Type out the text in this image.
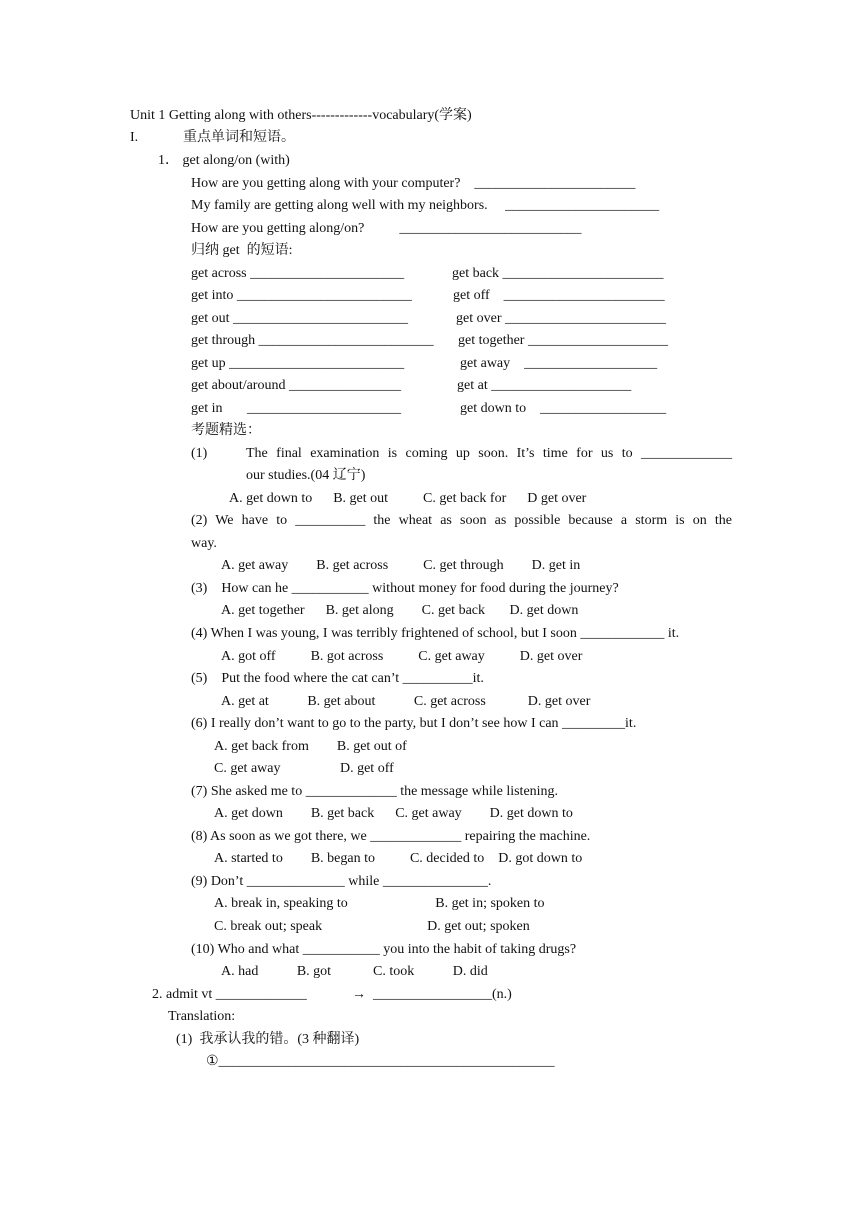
Unit 1 Getting along with others-------------vocabulary(学案)
I.	重点单词和短语。
1． get along/on (with)
How are you getting along with your computer?    _______________________
My family are getting along well with my neighbors.     ______________________
How are you getting along/on?          __________________________
归纳 get  的短语:
get across ______________________	get back _______________________
get into _________________________	get off    _______________________
get out _________________________	get over _______________________
get through _________________________ get together ____________________
get up _________________________	get away    ___________________
get about/around ________________	get at ____________________
get in       ______________________	get down to    __________________
考题精选：
(1)	The final examination is coming up soon. It’s time for us to _____________
our studies.(04 辽宁)
A. get down to      B. get out          C. get back for      D get over
(2) We have to __________ the wheat as soon as possible because a storm is on the
way.
A. get away        B. get across          C. get through        D. get in
(3)    How can he ___________ without money for food during the journey?
A. get together      B. get along        C. get back       D. get down
(4) When I was young, I was terribly frightened of school, but I soon ____________ it.
A. got off          B. got across          C. get away          D. get over
(5)    Put the food where the cat can’t __________it.
A. get at           B. get about           C. get across            D. get over
(6) I really don’t want to go to the party, but I don’t see how I can _________it.
A. get back from        B. get out of
C. get away                 D. get off
(7) She asked me to _____________ the message while listening.
A. get down        B. get back      C. get away        D. get down to
(8) As soon as we got there, we _____________ repairing the machine.
A. started to        B. began to          C. decided to    D. got down to
(9) Don’t ______________ while _______________.
A. break in, speaking to                         B. get in; spoken to
C. break out; speak                              D. get out; spoken
(10) Who and what ___________ you into the habit of taking drugs?
A. had           B. got            C. took           D. did
2. admit vt _____________	→ _________________(n.)
Translation:
(1)  我承认我的错。(3 种翻译)
①________________________________________________
